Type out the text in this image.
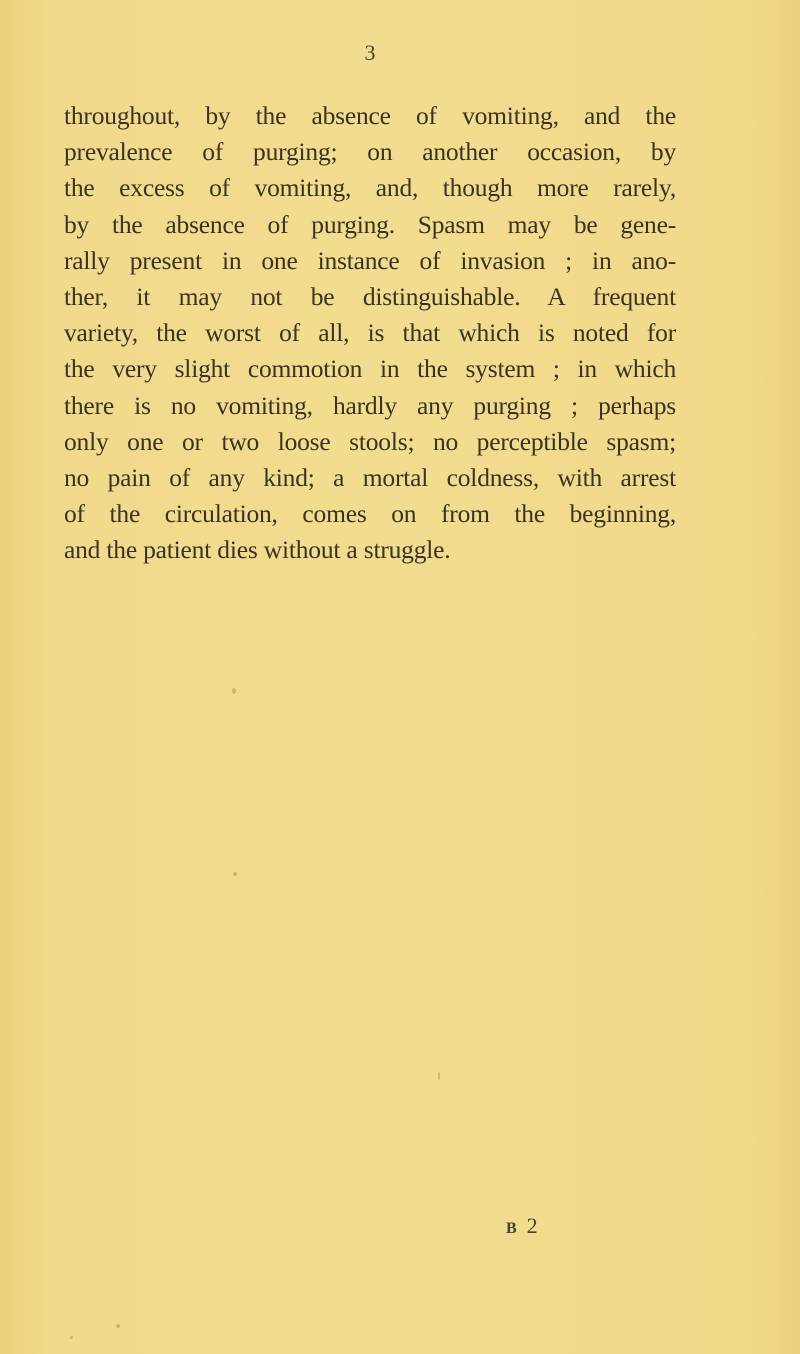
3
throughout, by the absence of vomiting, and the
prevalence of purging; on another occasion, by
the excess of vomiting, and, though more rarely,
by the absence of purging. Spasm may be gene-
rally present in one instance of invasion ; in ano-
ther, it may not be distinguishable. A frequent
variety, the worst of all, is that which is noted for
the very slight commotion in the system ; in which
there is no vomiting, hardly any purging ; perhaps
only one or two loose stools; no perceptible spasm;
no pain of any kind; a mortal coldness, with arrest
of the circulation, comes on from the beginning,
and the patient dies without a struggle.
B 2
